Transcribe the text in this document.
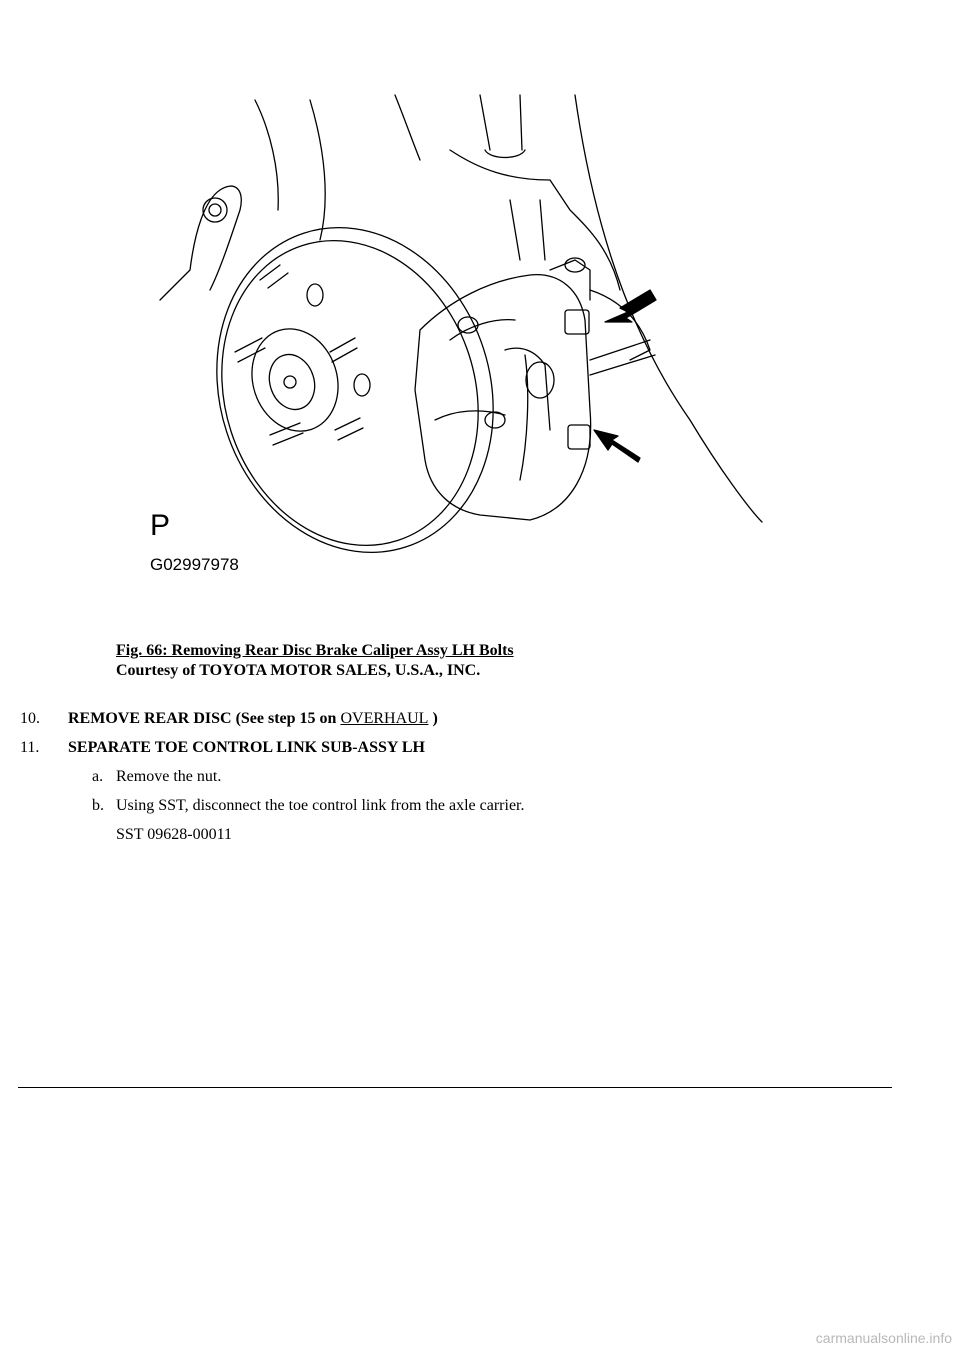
P
G02997978
Fig. 66: Removing Rear Disc Brake Caliper Assy LH Bolts
Courtesy of TOYOTA MOTOR SALES, U.S.A., INC.
10. REMOVE REAR DISC (See step 15 on OVERHAUL )
11. SEPARATE TOE CONTROL LINK SUB-ASSY LH
a. Remove the nut.
b. Using SST, disconnect the toe control link from the axle carrier.
SST 09628-00011
carmanualsonline.info
